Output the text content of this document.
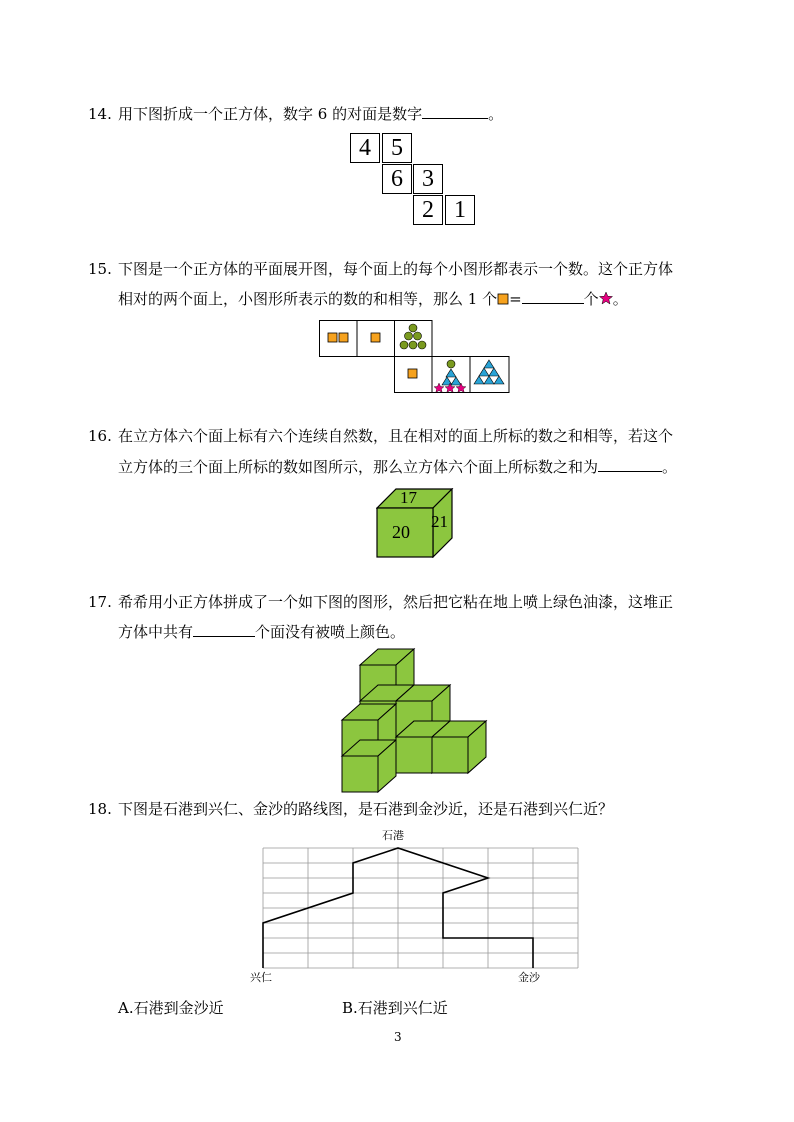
14. 用下图折成一个正方体，数字 6 的对面是数字	。
4 5
6 3
2 1
15. 下图是一个正方体的平面展开图，每个面上的每个小图形都表示一个数。这个正方体
相对的两个面上，小图形所表示的数的和相等，那么 1 个 =	个 。
16. 在立方体六个面上标有六个连续自然数，且在相对的面上所标的数之和相等，若这个
立方体的三个面上所标的数如图所示，那么立方体六个面上所标数之和为	。
17
20
21
17. 希希用小正方体拼成了一个如下图的图形，然后把它粘在地上喷上绿色油漆，这堆正
方体中共有	个面没有被喷上颜色。
18. 下图是石港到兴仁、金沙的路线图，是石港到金沙近，还是石港到兴仁近？
石港
兴仁	金沙
A.石港到金沙近	B.石港到兴仁近
3
